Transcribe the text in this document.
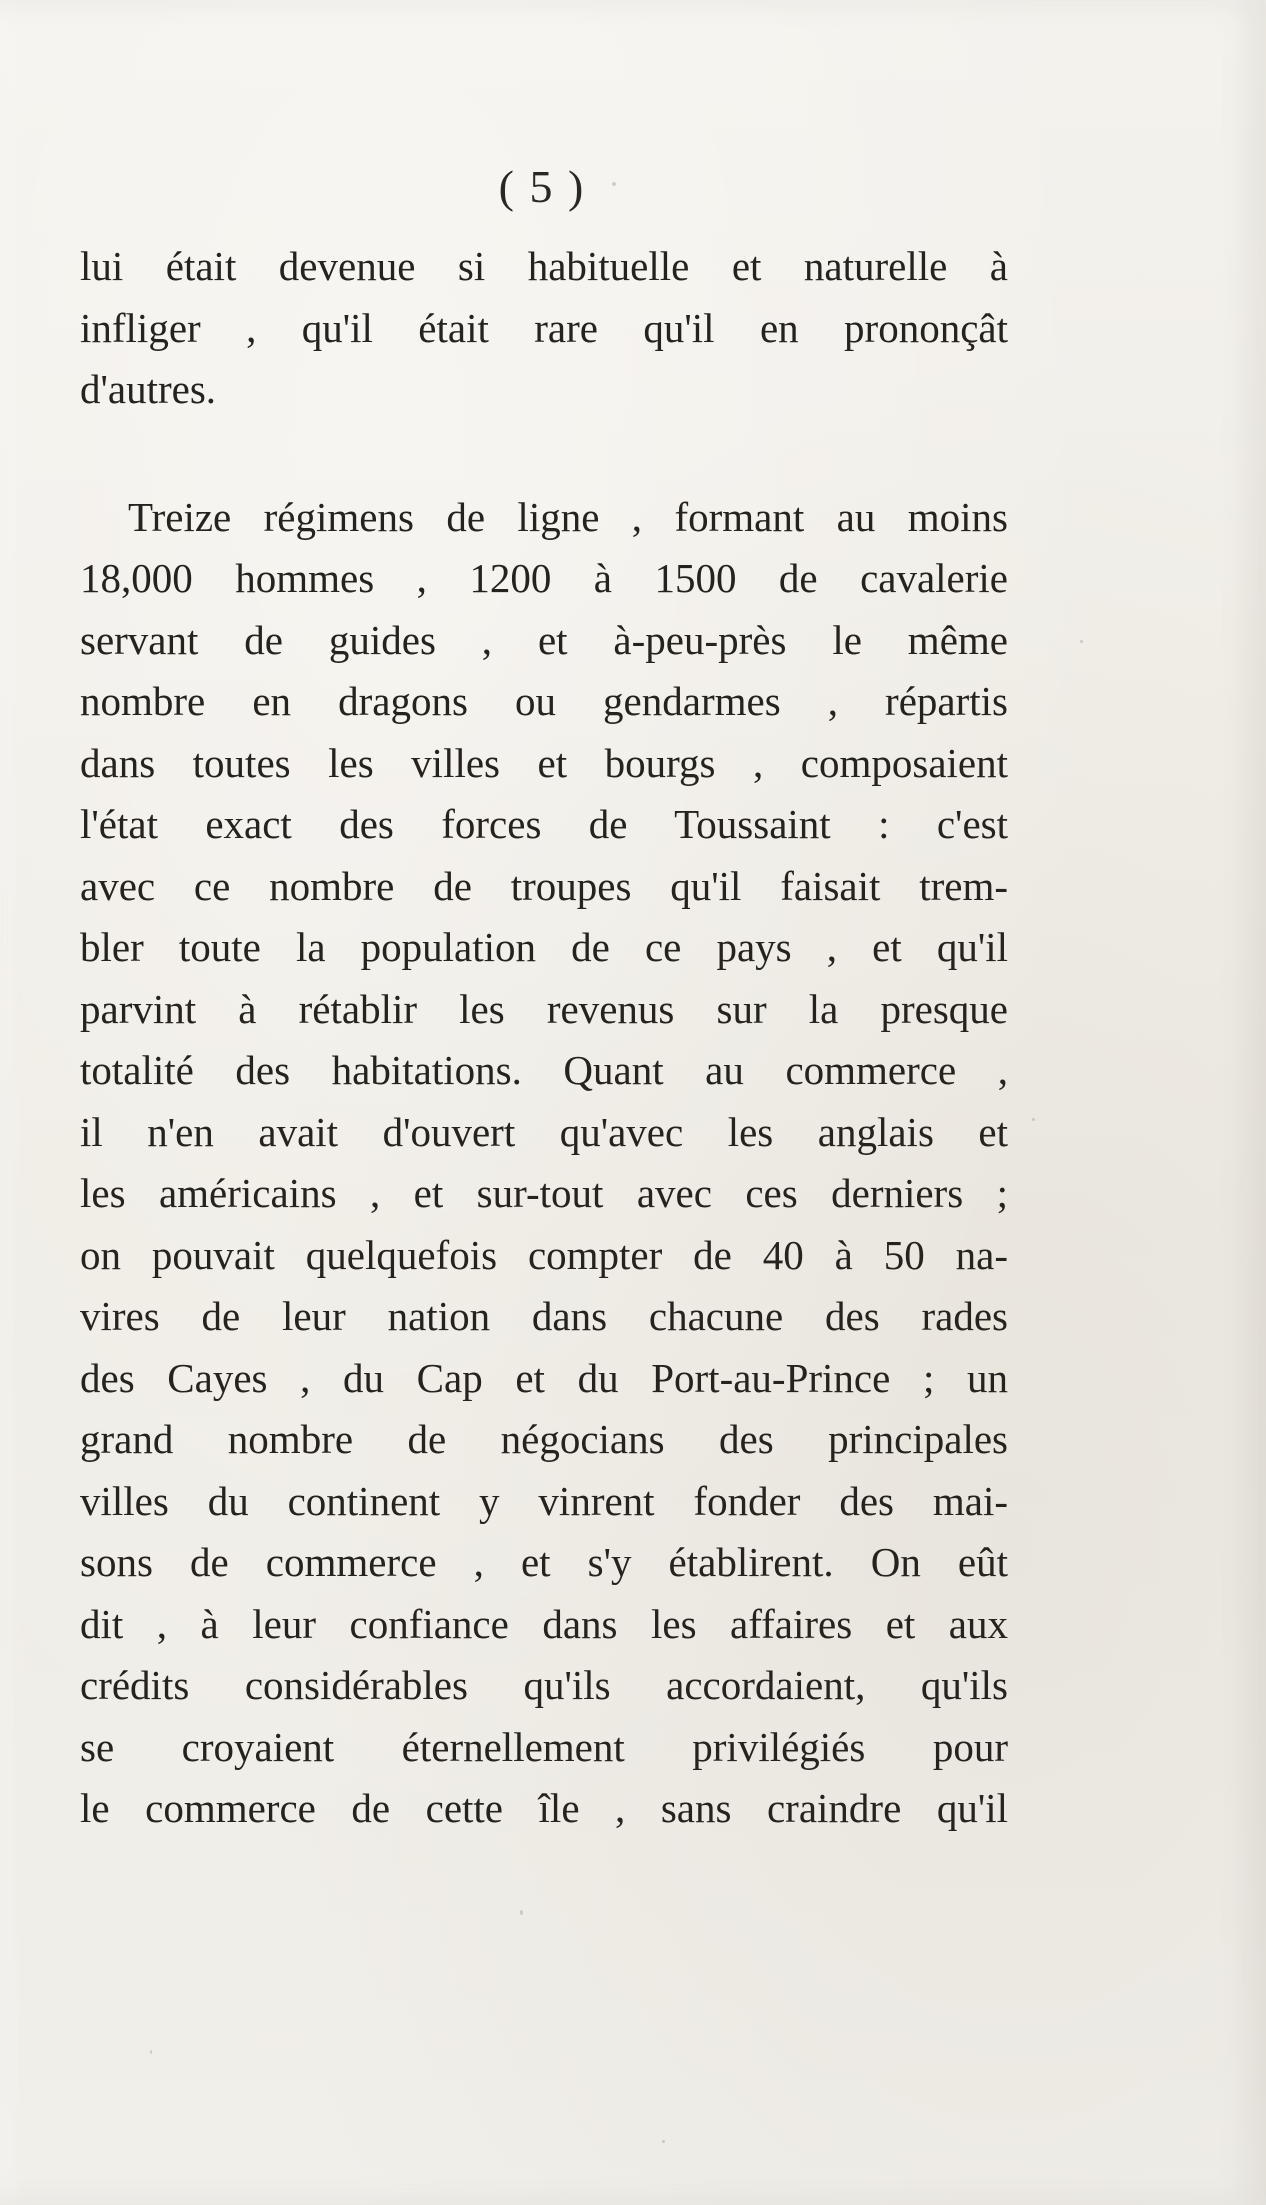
( 5 )
lui était devenue si habituelle et naturelle à
infliger , qu'il était rare qu'il en prononçât
d'autres.
Treize régimens de ligne , formant au moins
18,000 hommes , 1200 à 1500 de cavalerie
servant de guides , et à-peu-près le même
nombre en dragons ou gendarmes , répartis
dans toutes les villes et bourgs , composaient
l'état exact des forces de Toussaint : c'est
avec ce nombre de troupes qu'il faisait trem-
bler toute la population de ce pays , et qu'il
parvint à rétablir les revenus sur la presque
totalité des habitations. Quant au commerce ,
il n'en avait d'ouvert qu'avec les anglais et
les américains , et sur-tout avec ces derniers ;
on pouvait quelquefois compter de 40 à 50 na-
vires de leur nation dans chacune des rades
des Cayes , du Cap et du Port-au-Prince ; un
grand nombre de négocians des principales
villes du continent y vinrent fonder des mai-
sons de commerce , et s'y établirent. On eût
dit , à leur confiance dans les affaires et aux
crédits considérables qu'ils accordaient, qu'ils
se croyaient éternellement privilégiés pour
le commerce de cette île , sans craindre qu'il
